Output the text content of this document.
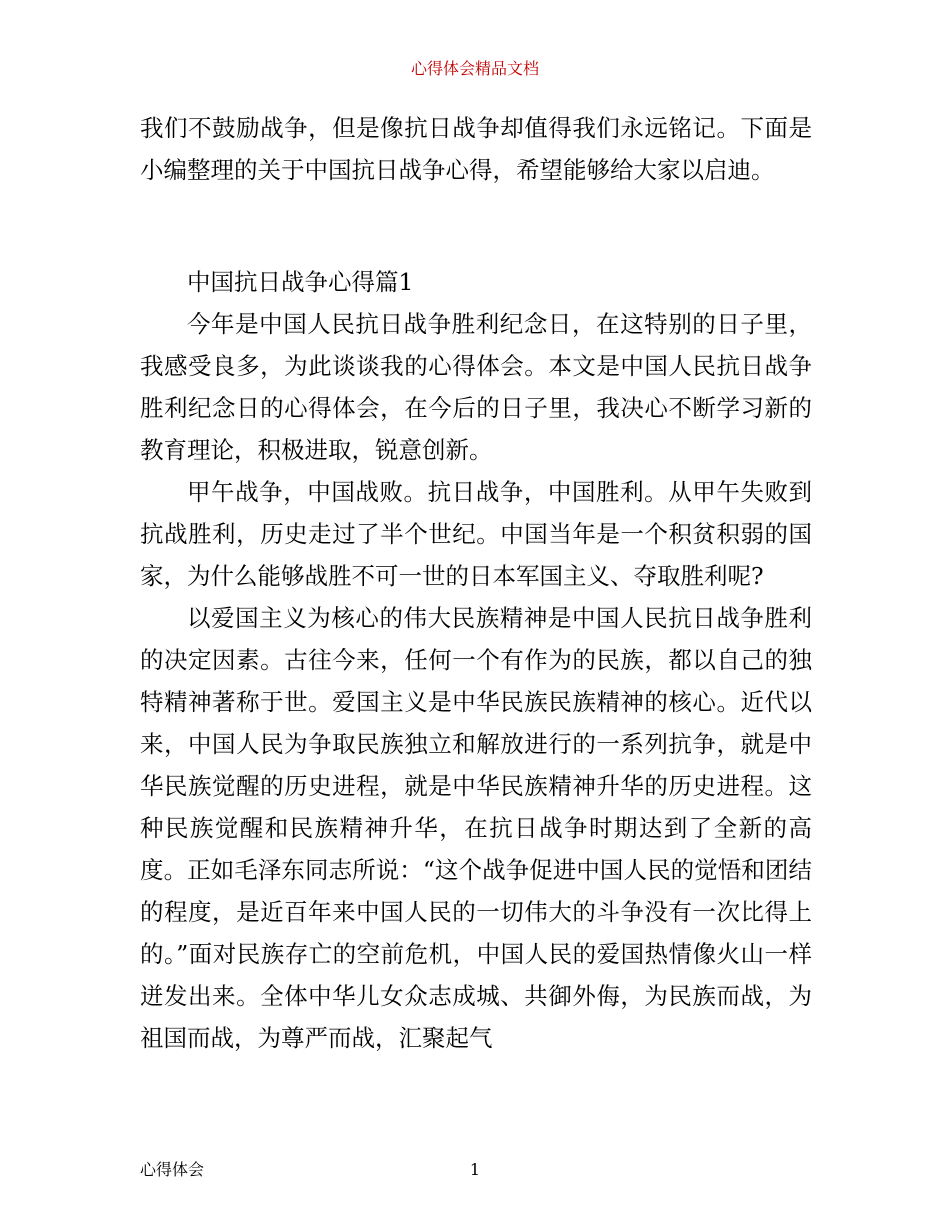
心得体会精品文档

我们不鼓励战争，但是像抗日战争却值得我们永远铭记。下面是小编整理的关于中国抗日战争心得，希望能够给大家以启迪。

中国抗日战争心得篇1

今年是中国人民抗日战争胜利纪念日，在这特别的日子里，我感受良多，为此谈谈我的心得体会。本文是中国人民抗日战争胜利纪念日的心得体会，在今后的日子里，我决心不断学习新的教育理论，积极进取，锐意创新。

甲午战争，中国战败。抗日战争，中国胜利。从甲午失败到抗战胜利，历史走过了半个世纪。中国当年是一个积贫积弱的国家，为什么能够战胜不可一世的日本军国主义、夺取胜利呢?

以爱国主义为核心的伟大民族精神是中国人民抗日战争胜利的决定因素。古往今来，任何一个有作为的民族，都以自己的独特精神著称于世。爱国主义是中华民族民族精神的核心。近代以来，中国人民为争取民族独立和解放进行的一系列抗争，就是中华民族觉醒的历史进程，就是中华民族精神升华的历史进程。这种民族觉醒和民族精神升华，在抗日战争时期达到了全新的高度。正如毛泽东同志所说：“这个战争促进中国人民的觉悟和团结的程度，是近百年来中国人民的一切伟大的斗争没有一次比得上的。”面对民族存亡的空前危机，中国人民的爱国热情像火山一样迸发出来。全体中华儿女众志成城、共御外侮，为民族而战，为祖国而战，为尊严而战，汇聚起气

心得体会	1
